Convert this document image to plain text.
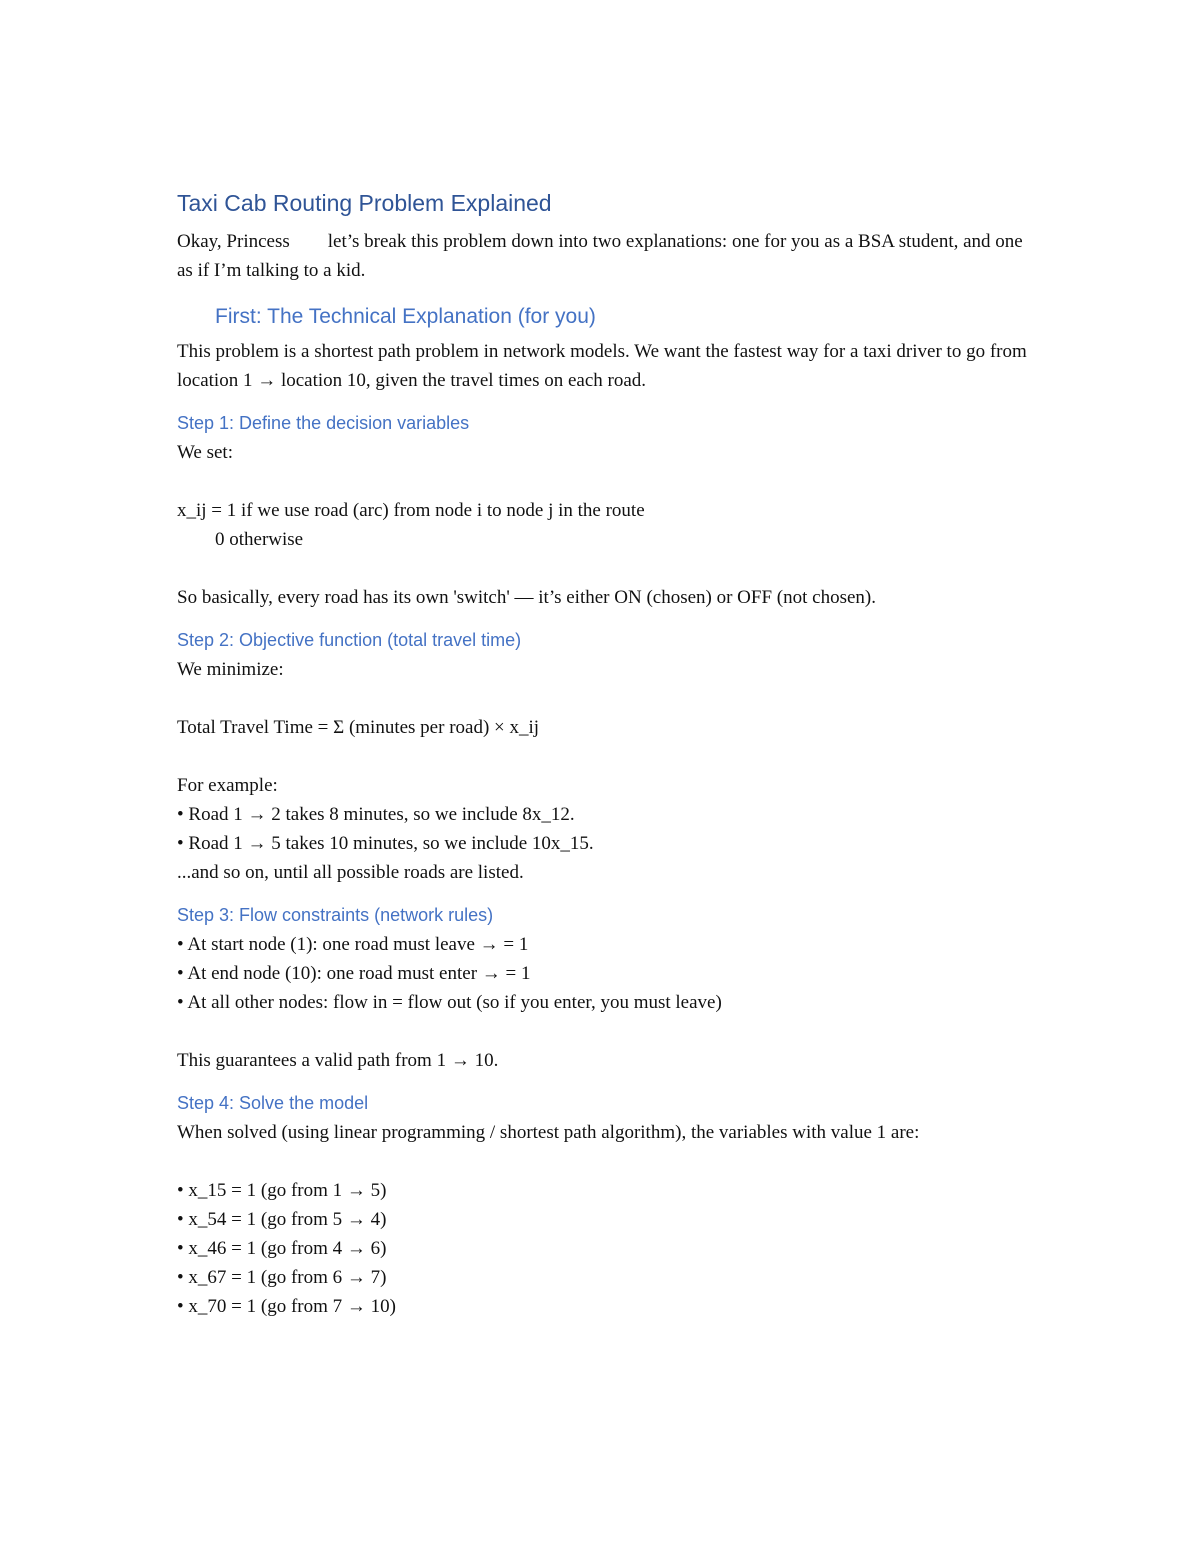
Taxi Cab Routing Problem Explained

Okay, Princess        let’s break this problem down into two explanations: one for you as a BSA student, and one as if I’m talking to a kid.

First: The Technical Explanation (for you)

This problem is a shortest path problem in network models. We want the fastest way for a taxi driver to go from location 1 → location 10, given the travel times on each road.

Step 1: Define the decision variables

We set:

x_ij = 1 if we use road (arc) from node i to node j in the route

0 otherwise

So basically, every road has its own 'switch' — it’s either ON (chosen) or OFF (not chosen).

Step 2: Objective function (total travel time)

We minimize:

Total Travel Time = Σ (minutes per road) × x_ij

For example:

• Road 1 → 2 takes 8 minutes, so we include 8x_12.

• Road 1 → 5 takes 10 minutes, so we include 10x_15.

...and so on, until all possible roads are listed.

Step 3: Flow constraints (network rules)

• At start node (1): one road must leave → = 1

• At end node (10): one road must enter → = 1

• At all other nodes: flow in = flow out (so if you enter, you must leave)

This guarantees a valid path from 1 → 10.

Step 4: Solve the model

When solved (using linear programming / shortest path algorithm), the variables with value 1 are:

• x_15 = 1 (go from 1 → 5)

• x_54 = 1 (go from 5 → 4)

• x_46 = 1 (go from 4 → 6)

• x_67 = 1 (go from 6 → 7)

• x_70 = 1 (go from 7 → 10)
